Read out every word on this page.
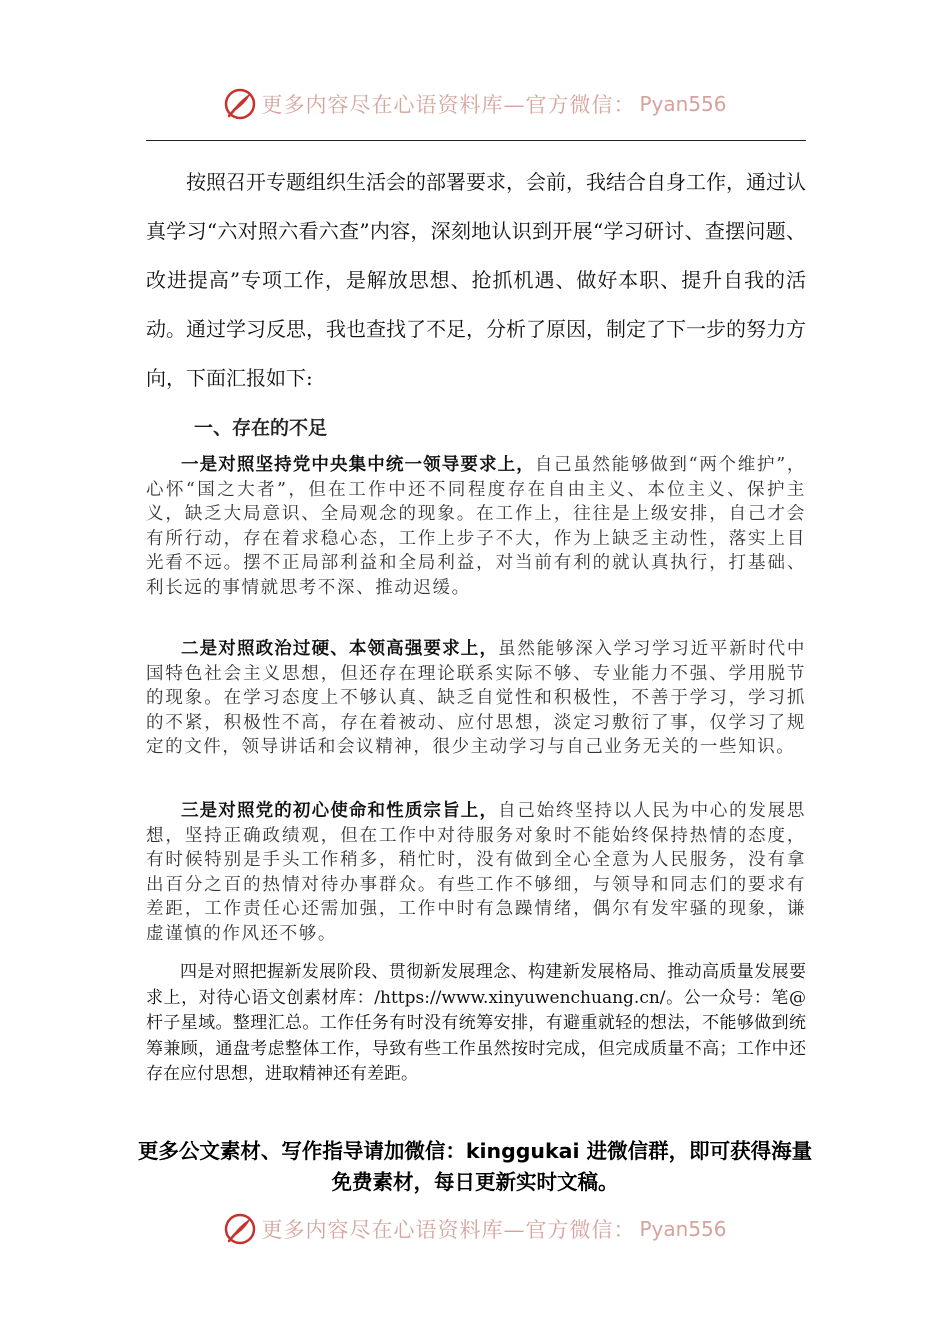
更多内容尽在心语资料库—官方微信： Pyan556

按照召开专题组织生活会的部署要求，会前，我结合自身工作，通过认真学习“六对照六看六查”内容，深刻地认识到开展“学习研讨、查摆问题、改进提高”专项工作，是解放思想、抢抓机遇、做好本职、提升自我的活动。通过学习反思，我也查找了不足，分析了原因，制定了下一步的努力方向，下面汇报如下:

一、存在的不足

一是对照坚持党中央集中统一领导要求上，自己虽然能够做到“两个维护”，心怀“国之大者”，但在工作中还不同程度存在自由主义、本位主义、保护主义，缺乏大局意识、全局观念的现象。在工作上，往往是上级安排，自己才会有所行动，存在着求稳心态，工作上步子不大，作为上缺乏主动性，落实上目光看不远。摆不正局部利益和全局利益，对当前有利的就认真执行，打基础、利长远的事情就思考不深、推动迟缓。

二是对照政治过硬、本领高强要求上，虽然能够深入学习学习近平新时代中国特色社会主义思想，但还存在理论联系实际不够、专业能力不强、学用脱节的现象。在学习态度上不够认真、缺乏自觉性和积极性，不善于学习，学习抓的不紧，积极性不高，存在着被动、应付思想，淡定习敷衍了事，仅学习了规定的文件，领导讲话和会议精神，很少主动学习与自己业务无关的一些知识。

三是对照党的初心使命和性质宗旨上，自己始终坚持以人民为中心的发展思想，坚持正确政绩观，但在工作中对待服务对象时不能始终保持热情的态度，有时候特别是手头工作稍多，稍忙时，没有做到全心全意为人民服务，没有拿出百分之百的热情对待办事群众。有些工作不够细，与领导和同志们的要求有差距，工作责任心还需加强，工作中时有急躁情绪，偶尔有发牢骚的现象，谦虚谨慎的作风还不够。

四是对照把握新发展阶段、贯彻新发展理念、构建新发展格局、推动高质量发展要求上，对待心语文创素材库：/https://www.xinyuwenchuang.cn/。公一众号：笔@杆子星域。整理汇总。工作任务有时没有统筹安排，有避重就轻的想法，不能够做到统筹兼顾，通盘考虑整体工作，导致有些工作虽然按时完成，但完成质量不高；工作中还存在应付思想，进取精神还有差距。

更多公文素材、写作指导请加微信：kinggukai 进微信群，即可获得海量免费素材，每日更新实时文稿。

更多内容尽在心语资料库—官方微信： Pyan556
